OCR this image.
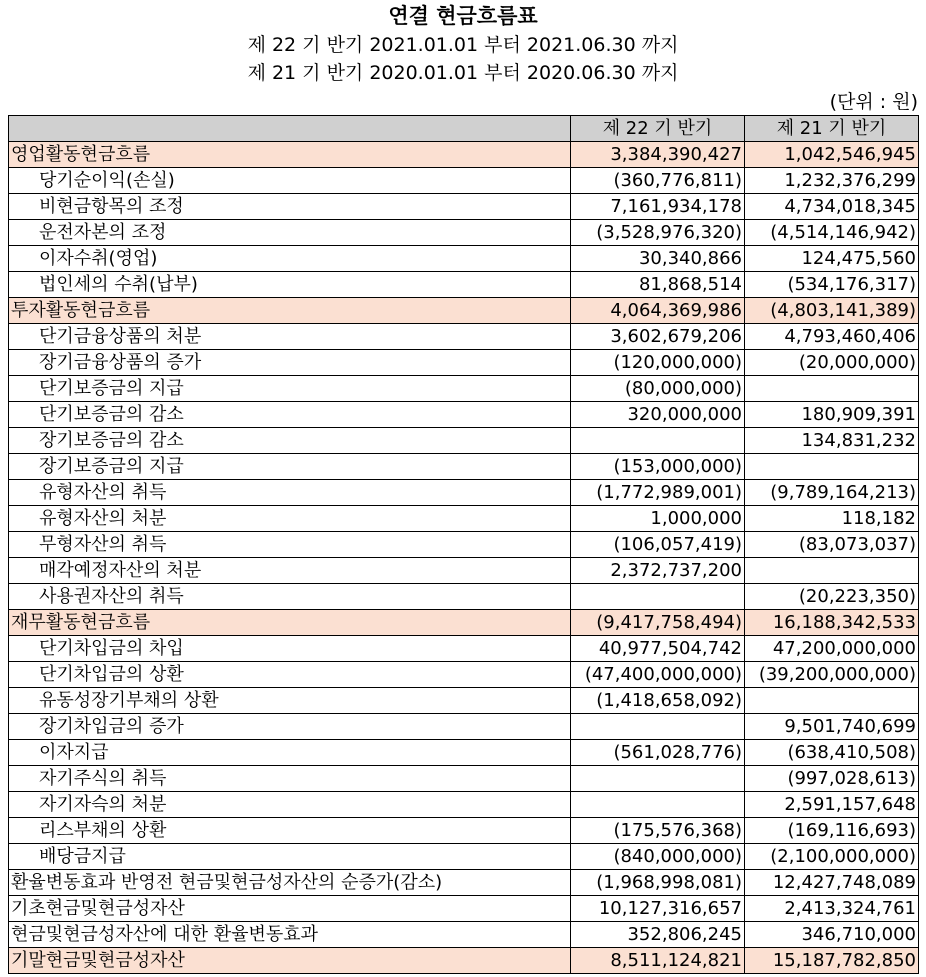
연결 현금흐름표
제 22 기 반기 2021.01.01 부터 2021.06.30 까지
제 21 기 반기 2020.01.01 부터 2020.06.30 까지
(단위 : 원)
	제 22 기 반기	제 21 기 반기
영업활동현금흐름	3,384,390,427	1,042,546,945
당기순이익(손실)	(360,776,811)	1,232,376,299
비현금항목의 조정	7,161,934,178	4,734,018,345
운전자본의 조정	(3,528,976,320)	(4,514,146,942)
이자수취(영업)	30,340,866	124,475,560
법인세의 수취(납부)	81,868,514	(534,176,317)
투자활동현금흐름	4,064,369,986	(4,803,141,389)
단기금융상품의 처분	3,602,679,206	4,793,460,406
장기금융상품의 증가	(120,000,000)	(20,000,000)
단기보증금의 지급	(80,000,000)	
단기보증금의 감소	320,000,000	180,909,391
장기보증금의 감소		134,831,232
장기보증금의 지급	(153,000,000)	
유형자산의 취득	(1,772,989,001)	(9,789,164,213)
유형자산의 처분	1,000,000	118,182
무형자산의 취득	(106,057,419)	(83,073,037)
매각예정자산의 처분	2,372,737,200	
사용권자산의 취득		(20,223,350)
재무활동현금흐름	(9,417,758,494)	16,188,342,533
단기차입금의 차입	40,977,504,742	47,200,000,000
단기차입금의 상환	(47,400,000,000)	(39,200,000,000)
유동성장기부채의 상환	(1,418,658,092)	
장기차입금의 증가		9,501,740,699
이자지급	(561,028,776)	(638,410,508)
자기주식의 취득		(997,028,613)
자기자슥의 처분		2,591,157,648
리스부채의 상환	(175,576,368)	(169,116,693)
배당금지급	(840,000,000)	(2,100,000,000)
환율변동효과 반영전 현금및현금성자산의 순증가(감소)	(1,968,998,081)	12,427,748,089
기초현금및현금성자산	10,127,316,657	2,413,324,761
현금및현금성자산에 대한 환율변동효과	352,806,245	346,710,000
기말현금및현금성자산	8,511,124,821	15,187,782,850
